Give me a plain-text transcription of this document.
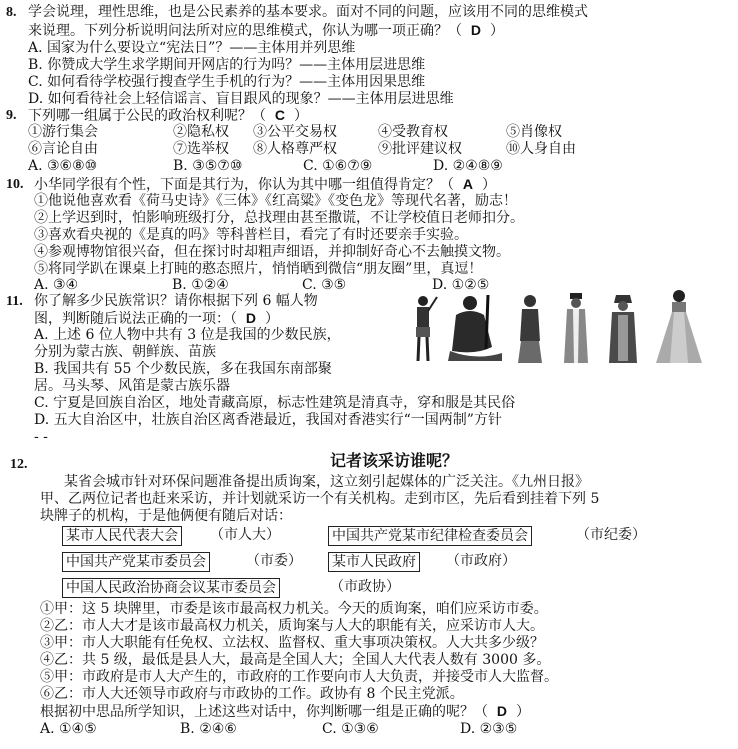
8. 学会说理，理性思维，也是公民素养的基本要求。面对不同的问题，应该用不同的思维模式
来说理。下列分析说明问法所对应的思维模式，你认为哪一项正确？（ D ）
A. 国家为什么要设立“宪法日”？——主体用并列思维
B. 你赞成大学生求学期间开网店的行为吗？——主体用层进思维
C. 如何看待学校强行搜查学生手机的行为？——主体用因果思维
D. 如何看待社会上轻信谣言、盲目跟风的现象？——主体用层进思维
9. 下列哪一组属于公民的政治权利呢？（ C ）
①游行集会	②隐私权 ③公平交易权	④受教育权	⑤肖像权
⑥言论自由	⑦选举权 ⑧人格尊严权	⑨批评建议权	⑩人身自由
A. ③⑥⑧⑩	B. ③⑤⑦⑩	C. ①⑥⑦⑨	D. ②④⑧⑨
10. 小华同学很有个性，下面是其行为，你认为其中哪一组值得肯定？（ A ）
①他说他喜欢看《荷马史诗》《三体》《红高粱》《变色龙》等现代名著，励志！
②上学迟到时，怕影响班级打分，总找理由甚至撒谎，不让学校值日老师扣分。
③喜欢看央视的《是真的吗》等科普栏目，看完了有时还要亲手实验。
④参观博物馆很兴奋，但在探讨时却粗声细语，并抑制好奇心不去触摸文物。
⑤将同学趴在课桌上打盹的憨态照片，悄悄晒到微信“朋友圈”里，真逗！
A. ③④	B. ①②④	C. ③⑤	D. ①②⑤
11. 你了解多少民族常识？请你根据下列 6 幅人物
图，判断随后说法正确的一项：（ D ）
A. 上述 6 位人物中共有 3 位是我国的少数民族，
分别为蒙古族、朝鲜族、苗族
B. 我国共有 55 个少数民族，多在我国东南部聚
居。马头琴、风笛是蒙古族乐器
C. 宁夏是回族自治区，地处青藏高原，标志性建筑是清真寺，穿和服是其民俗
D. 五大自治区中，壮族自治区离香港最近，我国对香港实行“一国两制”方针
- -
12.	记者该采访谁呢？
某省会城市针对环保问题准备提出质询案，这立刻引起媒体的广泛关注。《九州日报》
甲、乙两位记者也赶来采访，并计划就采访一个有关机构。走到市区，先后看到挂着下列 5
块牌子的机构，于是他俩便有随后对话：
某市人民代表大会 （市人大）	中国共产党某市纪律检查委员会	（市纪委）
中国共产党某市委员会	（市委） 某市人民政府 （市政府）
中国人民政治协商会议某市委员会	（市政协）
①甲：这 5 块牌里，市委是该市最高权力机关。今天的质询案，咱们应采访市委。
②乙：市人大才是该市最高权力机关，质询案与人大的职能有关，应采访市人大。
③甲：市人大职能有任免权、立法权、监督权、重大事项决策权。人大共多少级？
④乙：共 5 级，最低是县人大，最高是全国人大；全国人大代表人数有 3000 多。
⑤甲：市政府是市人大产生的，市政府的工作要向市人大负责，并接受市人大监督。
⑥乙：市人大还领导市政府与市政协的工作。政协有 8 个民主党派。
根据初中思品所学知识，上述这些对话中，你判断哪一组是正确的呢？（ D ）
A. ①④⑤	B. ②④⑥	C. ①③⑥	D. ②③⑤
